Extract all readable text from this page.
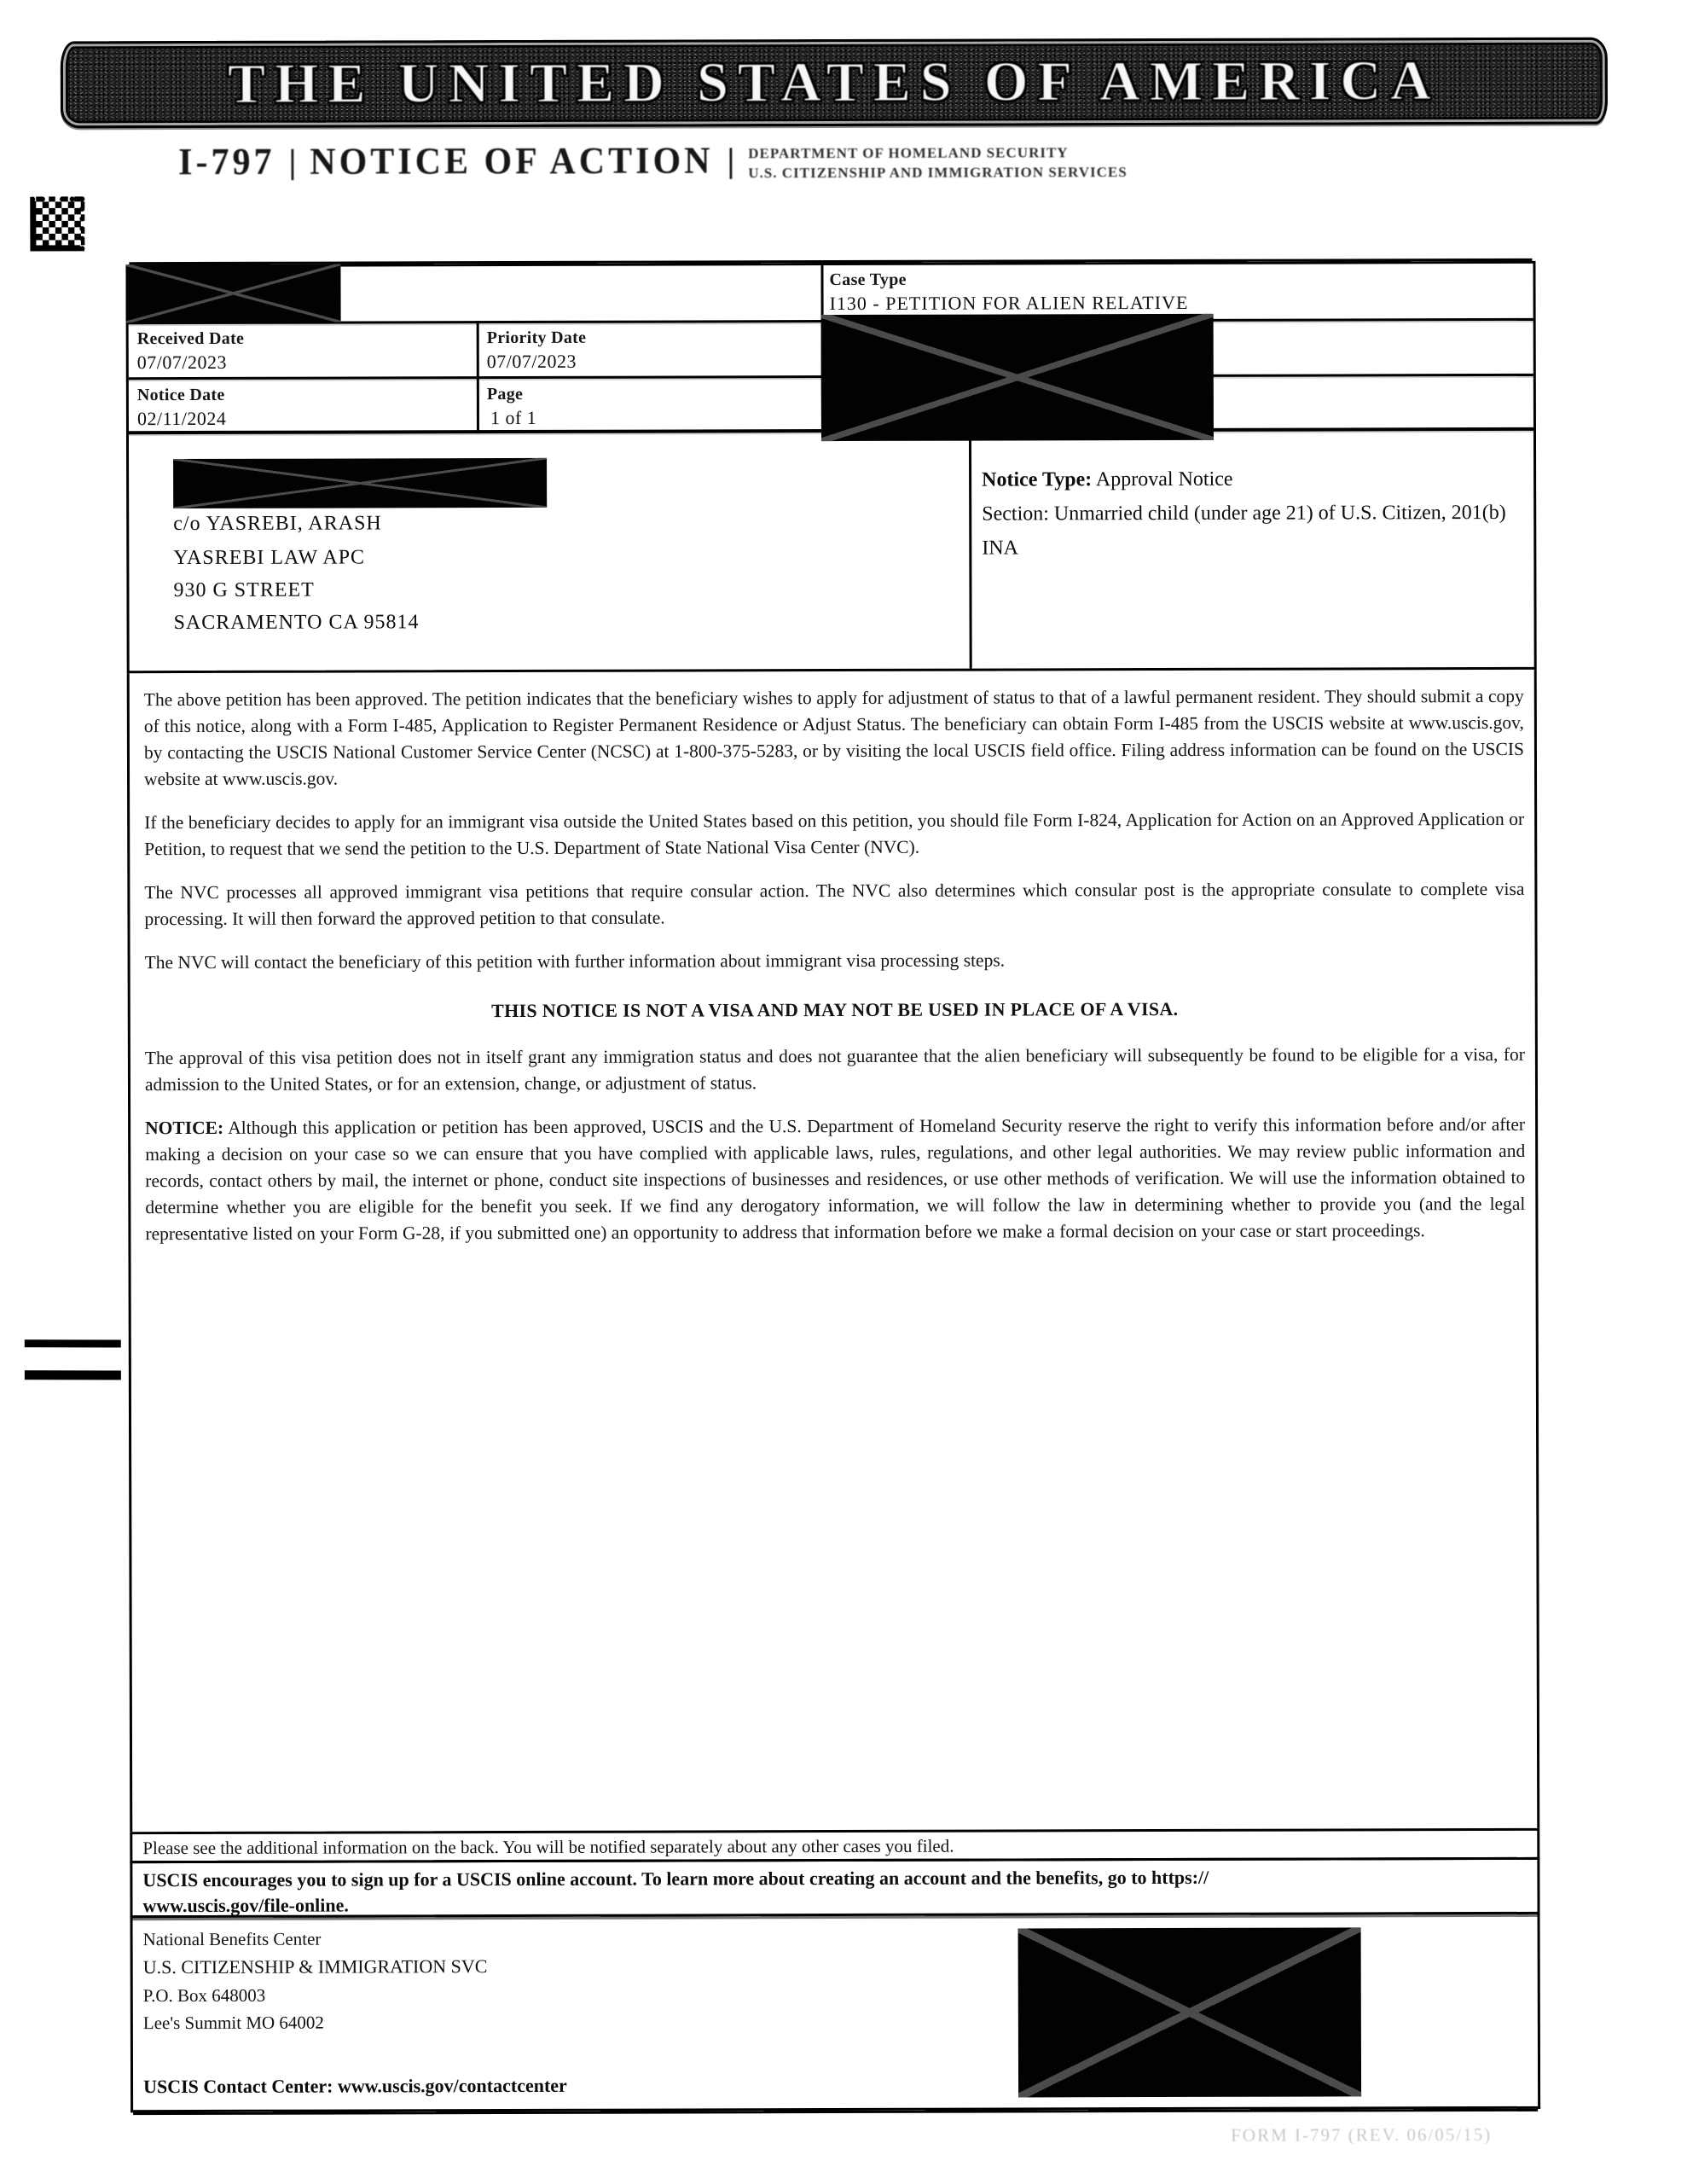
THE UNITED STATES OF AMERICA
I-797 | NOTICE OF ACTION | DEPARTMENT OF HOMELAND SECURITY
U.S. CITIZENSHIP AND IMMIGRATION SERVICES
Case Type
I130 - PETITION FOR ALIEN RELATIVE
Received Date
07/07/2023
Priority Date
07/07/2023
Notice Date
02/11/2024
Page
1 of 1
c/o YASREBI, ARASH
YASREBI LAW APC
930 G STREET
SACRAMENTO CA 95814
Notice Type: Approval Notice
Section: Unmarried child (under age 21) of U.S. Citizen, 201(b) INA

The above petition has been approved. The petition indicates that the beneficiary wishes to apply for adjustment of status to that of a lawful permanent resident. They should submit a copy of this notice, along with a Form I-485, Application to Register Permanent Residence or Adjust Status. The beneficiary can obtain Form I-485 from the USCIS website at www.uscis.gov, by contacting the USCIS National Customer Service Center (NCSC) at 1-800-375-5283, or by visiting the local USCIS field office. Filing address information can be found on the USCIS website at www.uscis.gov.

If the beneficiary decides to apply for an immigrant visa outside the United States based on this petition, you should file Form I-824, Application for Action on an Approved Application or Petition, to request that we send the petition to the U.S. Department of State National Visa Center (NVC).

The NVC processes all approved immigrant visa petitions that require consular action. The NVC also determines which consular post is the appropriate consulate to complete visa processing. It will then forward the approved petition to that consulate.

The NVC will contact the beneficiary of this petition with further information about immigrant visa processing steps.

THIS NOTICE IS NOT A VISA AND MAY NOT BE USED IN PLACE OF A VISA.

The approval of this visa petition does not in itself grant any immigration status and does not guarantee that the alien beneficiary will subsequently be found to be eligible for a visa, for admission to the United States, or for an extension, change, or adjustment of status.

NOTICE: Although this application or petition has been approved, USCIS and the U.S. Department of Homeland Security reserve the right to verify this information before and/or after making a decision on your case so we can ensure that you have complied with applicable laws, rules, regulations, and other legal authorities. We may review public information and records, contact others by mail, the internet or phone, conduct site inspections of businesses and residences, or use other methods of verification. We will use the information obtained to determine whether you are eligible for the benefit you seek. If we find any derogatory information, we will follow the law in determining whether to provide you (and the legal representative listed on your Form G-28, if you submitted one) an opportunity to address that information before we make a formal decision on your case or start proceedings.

Please see the additional information on the back. You will be notified separately about any other cases you filed.
USCIS encourages you to sign up for a USCIS online account. To learn more about creating an account and the benefits, go to https://
www.uscis.gov/file-online.
National Benefits Center
U.S. CITIZENSHIP & IMMIGRATION SVC
P.O. Box 648003
Lee's Summit MO 64002
USCIS Contact Center: www.uscis.gov/contactcenter
FORM I-797 (REV. 06/05/15)
